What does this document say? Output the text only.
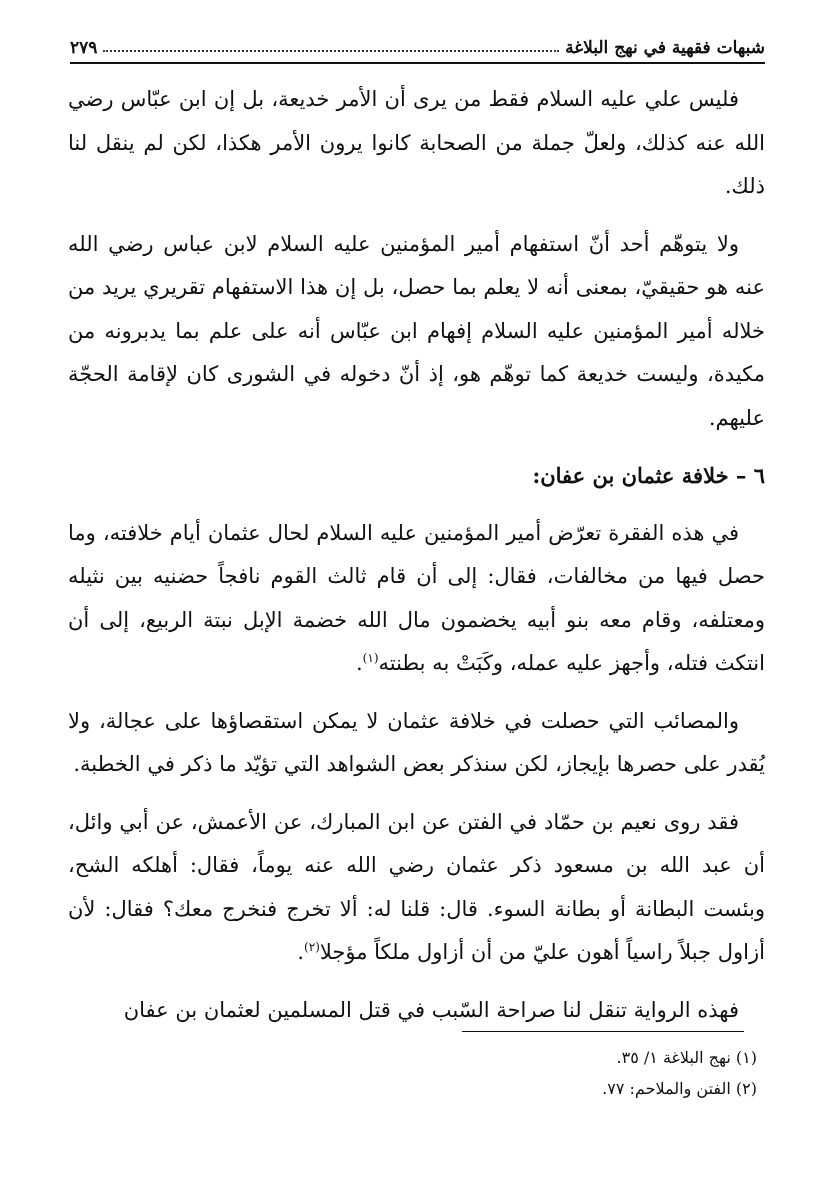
شبهات فقهية في نهج البلاغة
٢٧٩

فليس علي عليه السلام فقط من يرى أن الأمر خديعة، بل إن ابن عبّاس رضي الله عنه كذلك، ولعلّ جملة من الصحابة كانوا يرون الأمر هكذا، لكن لم ينقل لنا ذلك.

ولا يتوهّم أحد أنّ استفهام أمير المؤمنين عليه السلام لابن عباس رضي الله عنه هو حقيقيّ، بمعنى أنه لا يعلم بما حصل، بل إن هذا الاستفهام تقريري يريد من خلاله أمير المؤمنين عليه السلام إفهام ابن عبّاس أنه على علم بما يدبرونه من مكيدة، وليست خديعة كما توهّم هو، إذ أنّ دخوله في الشورى كان لإقامة الحجّة عليهم.

٦ – خلافة عثمان بن عفان:

في هذه الفقرة تعرّض أمير المؤمنين عليه السلام لحال عثمان أيام خلافته، وما حصل فيها من مخالفات، فقال: إلى أن قام ثالث القوم نافجاً حضنيه بين نثيله ومعتلفه، وقام معه بنو أبيه يخضمون مال الله خضمة الإبل نبتة الربيع، إلى أن انتكث فتله، وأجهز عليه عمله، وكَبَتْ به بطنته$^{(١)}$.

والمصائب التي حصلت في خلافة عثمان لا يمكن استقصاؤها على عجالة، ولا يُقدر على حصرها بإيجاز، لكن سنذكر بعض الشواهد التي تؤيّد ما ذكر في الخطبة.

فقد روى نعيم بن حمّاد في الفتن عن ابن المبارك، عن الأعمش، عن أبي وائل، أن عبد الله بن مسعود ذكر عثمان رضي الله عنه يوماً، فقال: أهلكه الشح، وبئست البطانة أو بطانة السوء. قال: قلنا له: ألا تخرج فنخرج معك؟ فقال: لأن أزاول جبلاً راسياً أهون عليّ من أن أزاول ملكاً مؤجلا$^{(٢)}$.

فهذه الرواية تنقل لنا صراحة السّبب في قتل المسلمين لعثمان بن عفان

(١) نهج البلاغة ١/ ٣٥.
(٢) الفتن والملاحم: ٧٧.
